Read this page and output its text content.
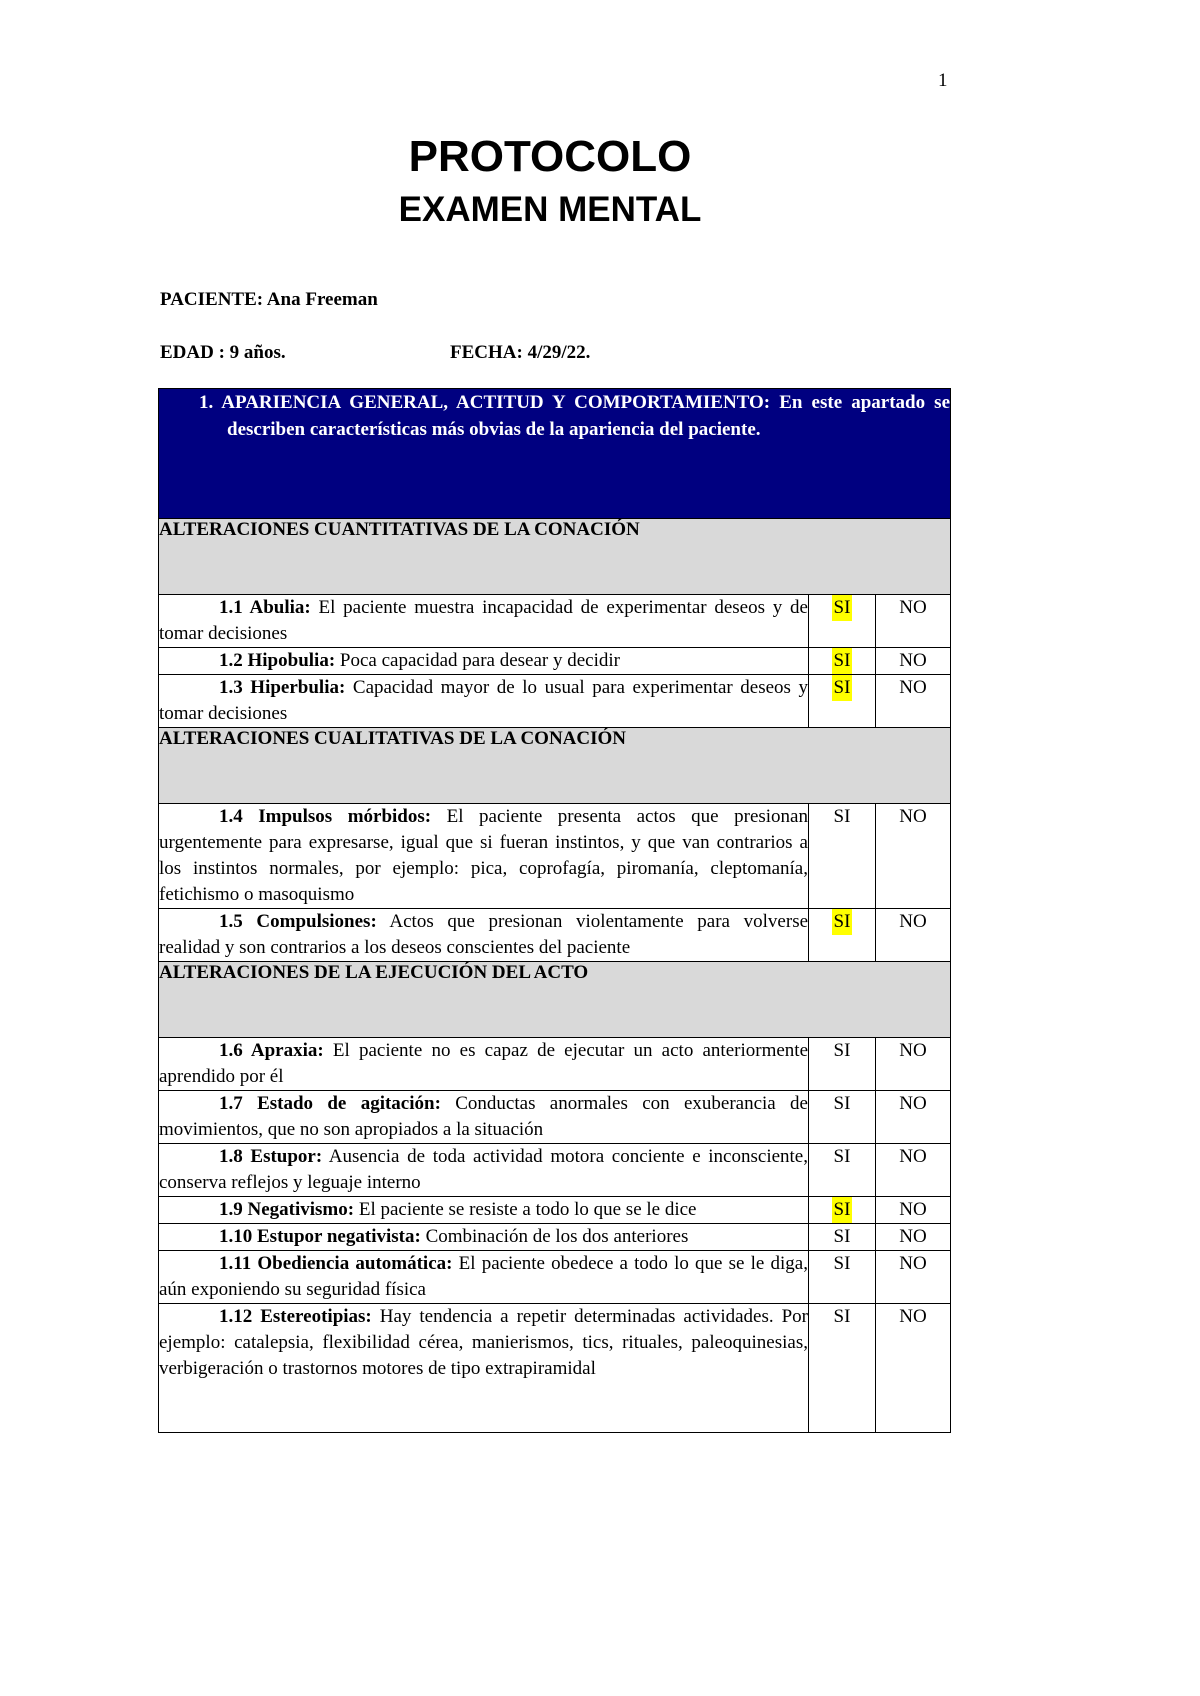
1
PROTOCOLO
EXAMEN MENTAL
PACIENTE: Ana Freeman
EDAD : 9 años.	FECHA: 4/29/22.
1. APARIENCIA GENERAL, ACTITUD Y COMPORTAMIENTO: En este apartado se describen características más obvias de la apariencia del paciente.		

ALTERACIONES CUANTITATIVAS DE LA CONACIÓN		
1.1 Abulia: El paciente muestra incapacidad de experimentar deseos y de tomar decisiones	SI	NO
1.2 Hipobulia: Poca capacidad para desear y decidir	SI	NO
1.3 Hiperbulia: Capacidad mayor de lo usual para experimentar deseos y tomar decisiones	SI	NO
ALTERACIONES CUALITATIVAS DE LA CONACIÓN		
1.4 Impulsos mórbidos: El paciente presenta actos que presionan urgentemente para expresarse, igual que si fueran instintos, y que van contrarios a los instintos normales, por ejemplo: pica, coprofagía, piromanía, cleptomanía, fetichismo o masoquismo	SI	NO
1.5 Compulsiones: Actos que presionan violentamente para volverse realidad y son contrarios a los deseos conscientes del paciente	SI	NO
ALTERACIONES DE LA EJECUCIÓN DEL ACTO		
1.6 Apraxia: El paciente no es capaz de ejecutar un acto anteriormente aprendido por él	SI	NO
1.7 Estado de agitación: Conductas anormales con exuberancia de movimientos, que no son apropiados a la situación	SI	NO
1.8 Estupor: Ausencia de toda actividad motora conciente e inconsciente, conserva reflejos y leguaje interno	SI	NO
1.9 Negativismo: El paciente se resiste a todo lo que se le dice	SI	NO
1.10 Estupor negativista: Combinación de los dos anteriores	SI	NO
1.11 Obediencia automática: El paciente obedece a todo lo que se le diga, aún exponiendo su seguridad física	SI	NO
1.12 Estereotipias: Hay tendencia a repetir determinadas actividades. Por ejemplo: catalepsia, flexibilidad cérea, manierismos, tics, rituales, paleoquinesias, verbigeración o trastornos motores de tipo extrapiramidal	SI	NO
